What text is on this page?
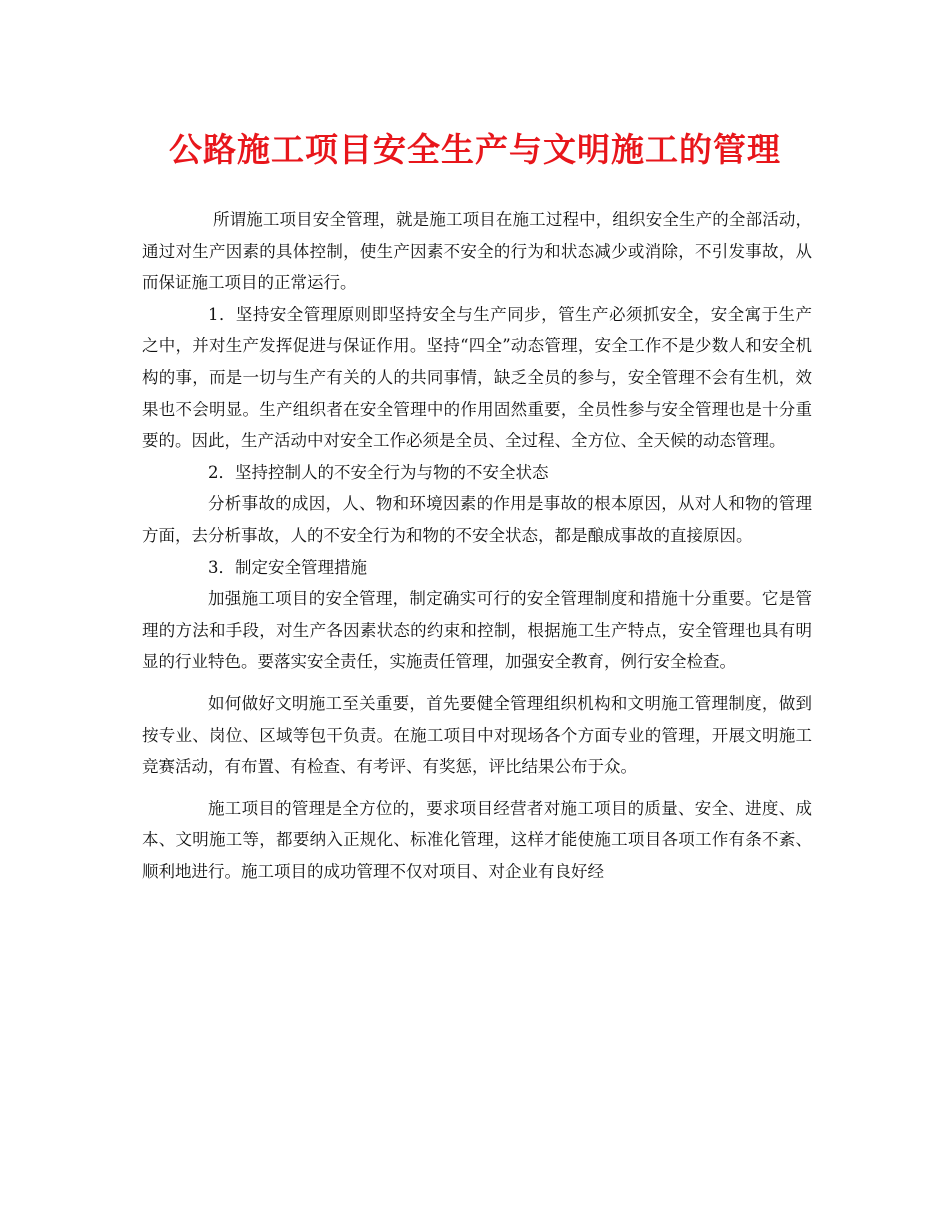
公路施工项目安全生产与文明施工的管理

所谓施工项目安全管理，就是施工项目在施工过程中，组织安全生产的全部活动，通过对生产因素的具体控制，使生产因素不安全的行为和状态减少或消除，不引发事故，从而保证施工项目的正常运行。

1．坚持安全管理原则即坚持安全与生产同步，管生产必须抓安全，安全寓于生产之中，并对生产发挥促进与保证作用。坚持“四全”动态管理，安全工作不是少数人和安全机构的事，而是一切与生产有关的人的共同事情，缺乏全员的参与，安全管理不会有生机，效果也不会明显。生产组织者在安全管理中的作用固然重要，全员性参与安全管理也是十分重要的。因此，生产活动中对安全工作必须是全员、全过程、全方位、全天候的动态管理。

2．坚持控制人的不安全行为与物的不安全状态

分析事故的成因，人、物和环境因素的作用是事故的根本原因，从对人和物的管理方面，去分析事故，人的不安全行为和物的不安全状态，都是酿成事故的直接原因。

3．制定安全管理措施

加强施工项目的安全管理，制定确实可行的安全管理制度和措施十分重要。它是管理的方法和手段，对生产各因素状态的约束和控制，根据施工生产特点，安全管理也具有明显的行业特色。要落实安全责任，实施责任管理，加强安全教育，例行安全检查。

如何做好文明施工至关重要，首先要健全管理组织机构和文明施工管理制度，做到按专业、岗位、区域等包干负责。在施工项目中对现场各个方面专业的管理，开展文明施工竞赛活动，有布置、有检查、有考评、有奖惩，评比结果公布于众。

施工项目的管理是全方位的，要求项目经营者对施工项目的质量、安全、进度、成本、文明施工等，都要纳入正规化、标准化管理，这样才能使施工项目各项工作有条不紊、顺利地进行。施工项目的成功管理不仅对项目、对企业有良好经
